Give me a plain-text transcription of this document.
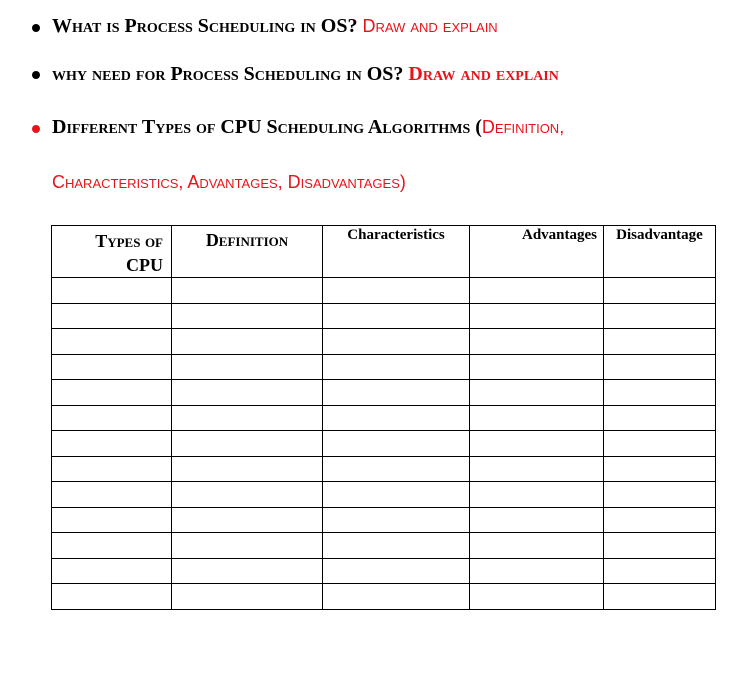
What is Process Scheduling in OS? Draw and explain
why need for Process Scheduling in OS? Draw and explain
Different Types of CPU Scheduling Algorithms (Definition,
Characteristics, Advantages, Disadvantages)
Types of
CPU	Definition	Characteristics	Advantages	Disadvantage
